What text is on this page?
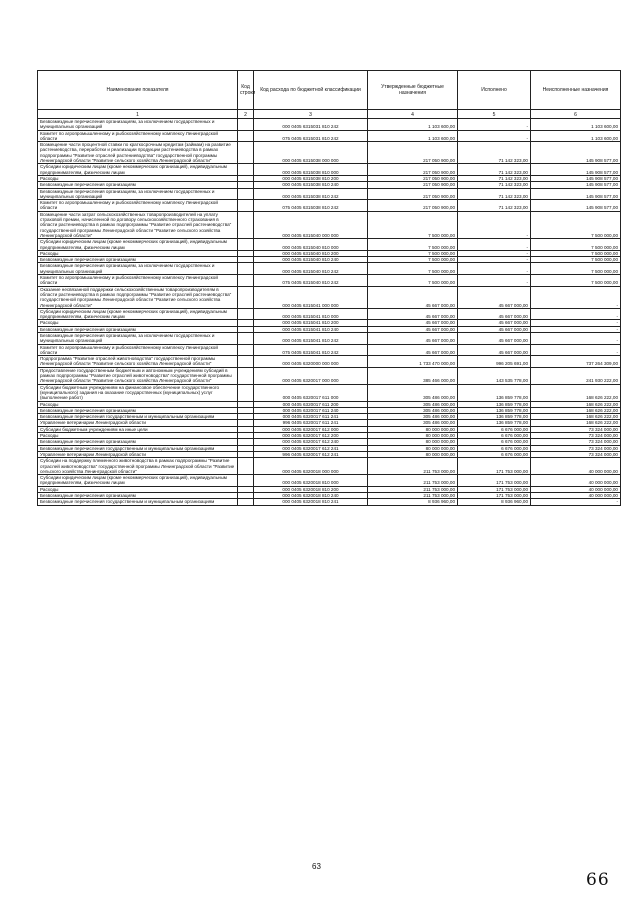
Наименование показателя	Код строки	Код расхода по бюджетной классификации	Утвержденные бюджетные назначения	Исполнено	Неисполненные назначения
1	2	3	4	5	6
Безвозмездные перечисления организациям, за исключением государственных и муниципальных организаций		000 0405 6315031 810 242	1 103 600,00	-	1 103 600,00
Комитет по агропромышленному и рыбохозяйственному комплексу Ленинградской области		075 0405 6315031 810 242	1 103 600,00	-	1 103 600,00
Возмещение части процентной ставки по краткосрочным кредитам (займам) на развитие растениеводства, переработки и реализации продукции растениеводства в рамках подпрограммы "Развитие отраслей растениеводства" государственной программы Ленинградской области "Развитие сельского хозяйства Ленинградской области"		000 0405 6315038 000 000	217 050 900,00	71 142 323,00	145 908 577,00
Субсидии юридическим лицам (кроме некоммерческих организаций), индивидуальным предпринимателям, физическим лицам		000 0405 6315038 810 000	217 050 900,00	71 142 323,00	145 908 577,00
Расходы		000 0405 6315038 810 200	217 050 900,00	71 142 323,00	145 908 577,00
Безвозмездные перечисления организациям		000 0405 6315038 810 240	217 050 900,00	71 142 323,00	145 908 577,00
Безвозмездные перечисления организациям, за исключением государственных и муниципальных организаций		000 0405 6315038 810 242	217 050 900,00	71 142 323,00	145 908 577,00
Комитет по агропромышленному и рыбохозяйственному комплексу Ленинградской области		075 0405 6315038 810 242	217 050 900,00	71 142 323,00	145 908 577,00
Возмещение части затрат сельскохозяйственных товаропроизводителей на уплату страховой премии, начисленной по договору сельскохозяйственного страхования в области растениеводства в рамках подпрограммы "Развитие отраслей растениеводства" государственной программы Ленинградской области "Развитие сельского хозяйства Ленинградской области"		000 0405 6315040 000 000	7 500 000,00	-	7 500 000,00
Субсидии юридическим лицам (кроме некоммерческих организаций), индивидуальным предпринимателям, физическим лицам		000 0405 6315040 810 000	7 500 000,00	-	7 500 000,00
Расходы		000 0405 6315040 810 200	7 500 000,00	-	7 500 000,00
Безвозмездные перечисления организациям		000 0405 6315040 810 240	7 500 000,00	-	7 500 000,00
Безвозмездные перечисления организациям, за исключением государственных и муниципальных организаций		000 0405 6315040 810 242	7 500 000,00	-	7 500 000,00
Комитет по агропромышленному и рыбохозяйственному комплексу Ленинградской области		075 0405 6315040 810 242	7 500 000,00	-	7 500 000,00
Оказание несвязанной поддержки сельскохозяйственным товаропроизводителям в области растениеводства в рамках подпрограммы "Развитие отраслей растениеводства" государственной программы Ленинградской области "Развитие сельского хозяйства Ленинградской области"		000 0405 6315041 000 000	45 667 000,00	45 667 000,00	-
Субсидии юридическим лицам (кроме некоммерческих организаций), индивидуальным предпринимателям, физическим лицам		000 0405 6315041 810 000	45 667 000,00	45 667 000,00	-
Расходы		000 0405 6315041 810 200	45 667 000,00	45 667 000,00	-
Безвозмездные перечисления организациям		000 0405 6315041 810 240	45 667 000,00	45 667 000,00	-
Безвозмездные перечисления организациям, за исключением государственных и муниципальных организаций		000 0405 6315041 810 242	45 667 000,00	45 667 000,00	-
Комитет по агропромышленному и рыбохозяйственному комплексу Ленинградской области		075 0405 6315041 810 242	45 667 000,00	45 667 000,00	-
Подпрограмма "Развитие отраслей животноводства" государственной программы Ленинградской области "Развитие сельского хозяйства Ленинградской области"		000 0405 6320000 000 000	1 733 470 000,00	996 205 691,00	737 264 309,00
Предоставление государственным бюджетным и автономным учреждениям субсидий в рамках подпрограммы "Развитие отраслей животноводства" государственной программы Ленинградской области "Развитие сельского хозяйства Ленинградской области"		000 0405 6320017 000 000	385 466 000,00	143 535 778,00	241 930 222,00
Субсидии бюджетным учреждениям на финансовое обеспечение государственного (муниципального) задания на оказание государственных (муниципальных) услуг (выполнение работ)		000 0405 6320017 611 000	305 486 000,00	136 859 778,00	168 626 222,00
Расходы		000 0405 6320017 611 200	305 486 000,00	136 859 778,00	168 626 222,00
Безвозмездные перечисления организациям		000 0405 6320017 611 240	305 486 000,00	136 859 778,00	168 626 222,00
Безвозмездные перечисления государственным и муниципальным организациям		000 0405 6320017 611 241	305 486 000,00	136 859 778,00	168 626 222,00
Управление ветеринарии Ленинградской области		996 0405 6320017 611 241	305 486 000,00	136 859 778,00	168 626 222,00
Субсидии бюджетным учреждениям на иные цели		000 0405 6320017 612 000	80 000 000,00	6 676 000,00	73 324 000,00
Расходы		000 0405 6320017 612 200	80 000 000,00	6 676 000,00	73 324 000,00
Безвозмездные перечисления организациям		000 0405 6320017 612 240	80 000 000,00	6 676 000,00	73 324 000,00
Безвозмездные перечисления государственным и муниципальным организациям		000 0405 6320017 612 241	80 000 000,00	6 676 000,00	73 324 000,00
Управление ветеринарии Ленинградской области		996 0405 6320017 612 241	80 000 000,00	6 676 000,00	73 324 000,00
Субсидии на поддержку племенного животноводства в рамках подпрограммы "Развитие отраслей животноводства" государственной программы Ленинградской области "Развитие сельского хозяйства Ленинградской области"		000 0405 6320018 000 000	211 753 000,00	171 753 000,00	40 000 000,00
Субсидии юридическим лицам (кроме некоммерческих организаций), индивидуальным предпринимателям, физическим лицам		000 0405 6320018 810 000	211 753 000,00	171 753 000,00	40 000 000,00
Расходы		000 0405 6320018 810 200	211 753 000,00	171 753 000,00	40 000 000,00
Безвозмездные перечисления организациям		000 0405 6320018 810 240	211 753 000,00	171 753 000,00	40 000 000,00
Безвозмездные перечисления государственным и муниципальным организациям		000 0405 6320018 810 241	8 936 960,00	8 936 960,00	-
63
66
